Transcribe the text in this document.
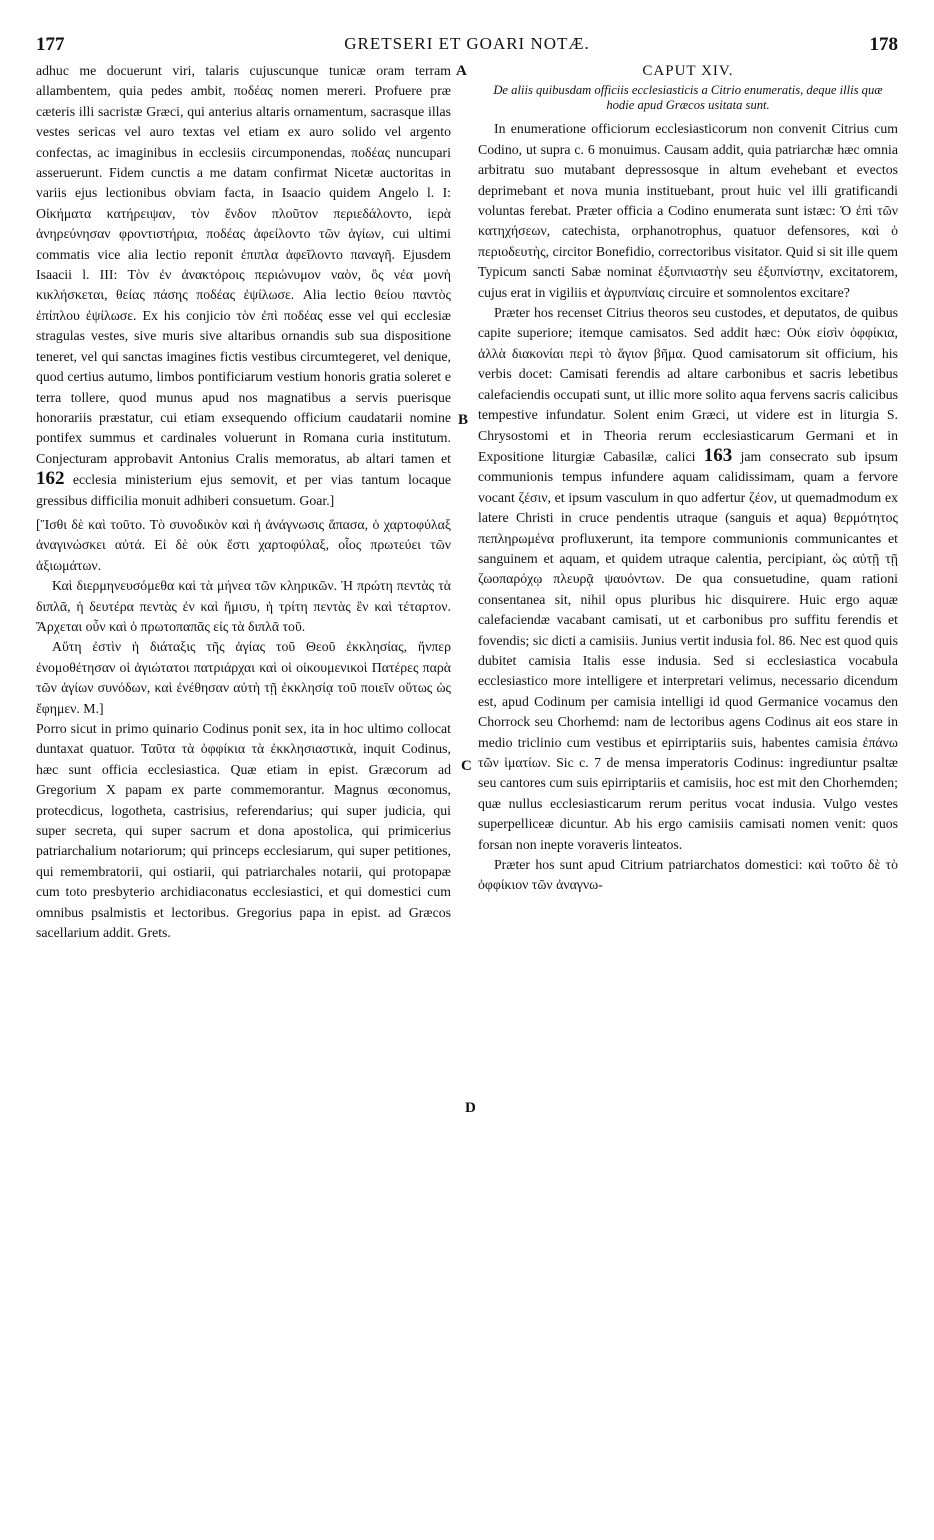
177	GRETSERI ET GOARI NOTÆ.	178
A
B
C
D

adhuc me docuerunt viri, talaris cujuscunque tunicæ oram terram allambentem, quia pedes ambit, ποδέας nomen mereri. Profuere præ cæteris illi sacristæ Græci, qui anterius altaris ornamentum, sacrasque illas vestes sericas vel auro textas vel etiam ex auro solido vel argento confectas, ac imaginibus in ecclesiis circumponendas, ποδέας nuncupari asseruerunt. Fidem cunctis a me datam confirmat Nicetæ auctoritas in variis ejus lectionibus obviam facta, in Isaacio quidem Angelo l. I: Οἰκήματα κατήρειψαν, τὸν ἔνδον πλοῦτον περιεδάλοντο, ἱερὰ ἀνηρεύνησαν φροντιστήρια, ποδέας ἀφείλοντο τῶν ἁγίων, cui ultimi commatis vice alia lectio reponit ἐπιπλα ἀφεῖλοντο παναγῆ. Ejusdem Isaacii l. III: Τὸν ἐν ἀνακτόροις περιώνυμον ναὸν, ὃς νέα μονὴ κικλήσκεται, θείας πάσης ποδέας ἐψίλωσε. Alia lectio θείου παντὸς ἐπίπλου ἐψίλωσε. Ex his conjicio τὸν ἐπὶ ποδέας esse vel qui ecclesiæ stragulas vestes, sive muris sive altaribus ornandis sub sua dispositione teneret, vel qui sanctas imagines fictis vestibus circumtegeret, vel denique, quod certius autumo, limbos pontificiarum vestium honoris gratia soleret e terra tollere, quod munus apud nos magnatibus a servis puerisque honorariis præstatur, cui etiam exsequendo officium caudatarii nomine pontifex summus et cardinales voluerunt in Romana curia institutum. Conjecturam approbavit Antonius Cralis memoratus, ab altari tamen et 162 ecclesia ministerium ejus semovit, et per vias tantum locaque gressibus difficilia monuit adhiberi consuetum. Goar.]

[Ἴσθι δὲ καὶ τοῦτο. Τὸ συνοδικὸν καὶ ἡ ἀνάγνωσις ἅπασα, ὁ χαρτοφύλαξ ἀναγινώσκει αὐτά. Εἰ δὲ οὐκ ἔστι χαρτοφύλαξ, οἷος πρωτεύει τῶν ἀξιωμάτων.

Καὶ διερμηνευσόμεθα καὶ τὰ μήνεα τῶν κληρικῶν. Ἡ πρώτη πεντὰς τὰ διπλᾶ, ἡ δευτέρα πεντὰς ἐν καὶ ἥμισυ, ἡ τρίτη πεντὰς ἓν καὶ τέταρτον. Ἄρχεται οὖν καὶ ὁ πρωτοπαπᾶς εἰς τὰ διπλᾶ τοῦ.

Αὕτη ἐστὶν ἡ διάταξις τῆς ἁγίας τοῦ Θεοῦ ἐκκλησίας, ἥνπερ ἐνομοθέτησαν οἱ ἁγιώτατοι πατριάρχαι καὶ οἱ οἰκουμενικοὶ Πατέρες παρὰ τῶν ἁγίων συνόδων, καὶ ἐνέθησαν αὐτὴ τῇ ἐκκλησίᾳ τοῦ ποιεῖν οὕτως ὡς ἔφημεν. M.]

Porro sicut in primo quinario Codinus ponit sex, ita in hoc ultimo collocat duntaxat quatuor. Ταῦτα τὰ ὀφφίκια τὰ ἐκκλησιαστικὰ, inquit Codinus, hæc sunt officia ecclesiastica. Quæ etiam in epist. Græcorum ad Gregorium X papam ex parte commemorantur. Magnus œconomus, protecdicus, logotheta, castrisius, referendarius; qui super judicia, qui super secreta, qui super sacrum et dona apostolica, qui primicerius patriarchalium notariorum; qui princeps ecclesiarum, qui super petitiones, qui remembratorii, qui ostiarii, qui patriarchales notarii, qui protopapæ cum toto presbyterio archidiaconatus ecclesiastici, et qui domestici cum omnibus psalmistis et lectoribus. Gregorius papa in epist. ad Græcos sacellarium addit. Grets.

CAPUT XIV.

De aliis quibusdam officiis ecclesiasticis a Citrio enumeratis, deque illis quæ hodie apud Græcos usitata sunt.

In enumeratione officiorum ecclesiasticorum non convenit Citrius cum Codino, ut supra c. 6 monuimus. Causam addit, quia patriarchæ hæc omnia arbitratu suo mutabant depressosque in altum evehebant et evectos deprimebant et nova munia instituebant, prout huic vel illi gratificandi voluntas ferebat. Præter officia a Codino enumerata sunt istæc: Ὁ ἐπὶ τῶν κατηχήσεων, catechista, orphanotrophus, quatuor defensores, καὶ ὁ περιοδευτὴς, circitor Bonefidio, correctoribus visitator. Quid si sit ille quem Typicum sancti Sabæ nominat ἐξυπνιαστὴν seu ἐξυπνίστην, excitatorem, cujus erat in vigiliis et ἀγρυπνίαις circuire et somnolentos excitare?

Præter hos recenset Citrius theoros seu custodes, et deputatos, de quibus capite superiore; itemque camisatos. Sed addit hæc: Οὐκ εἰσὶν ὀφφίκια, ἀλλὰ διακονίαι περὶ τὸ ἅγιον βῆμα. Quod camisatorum sit officium, his verbis docet: Camisati ferendis ad altare carbonibus et sacris lebetibus calefaciendis occupati sunt, ut illic more solito aqua fervens sacris calicibus tempestive infundatur. Solent enim Græci, ut videre est in liturgia S. Chrysostomi et in Theoria rerum ecclesiasticarum Germani et in Expositione liturgiæ Cabasilæ, calici 163 jam consecrato sub ipsum communionis tempus infundere aquam calidissimam, quam a fervore vocant ζέσιν, et ipsum vasculum in quo adfertur ζέον, ut quemadmodum ex latere Christi in cruce pendentis utraque (sanguis et aqua) θερμότητος πεπληρωμένα profluxerunt, ita tempore communionis communicantes et sanguinem et aquam, et quidem utraque calentia, percipiant, ὡς αὐτῇ τῇ ζωοπαρόχῳ πλευρᾷ ψαυόντων. De qua consuetudine, quam rationi consentanea sit, nihil opus pluribus hic disquirere. Huic ergo aquæ calefaciendæ vacabant camisati, ut et carbonibus pro suffitu ferendis et fovendis; sic dicti a camisiis. Junius vertit indusia fol. 86. Nec est quod quis dubitet camisia Italis esse indusia. Sed si ecclesiastica vocabula ecclesiastico more intelligere et interpretari velimus, necessario dicendum est, apud Codinum per camisia intelligi id quod Germanice vocamus den Chorrock seu Chorhemd: nam de lectoribus agens Codinus ait eos stare in medio triclinio cum vestibus et epirriptariis suis, habentes camisia ἐπάνω τῶν ἱματίων. Sic c. 7 de mensa imperatoris Codinus: ingrediuntur psaltæ seu cantores cum suis epirriptariis et camisiis, hoc est mit den Chorhemden; quæ nullus ecclesiasticarum rerum peritus vocat indusia. Vulgo vestes superpelliceæ dicuntur. Ab his ergo camisiis camisati nomen venit: quos forsan non inepte voraveris linteatos.

Præter hos sunt apud Citrium patriarchatos domestici: καὶ τοῦτο δὲ τὸ ὀφφίκιον τῶν ἀναγνω-
